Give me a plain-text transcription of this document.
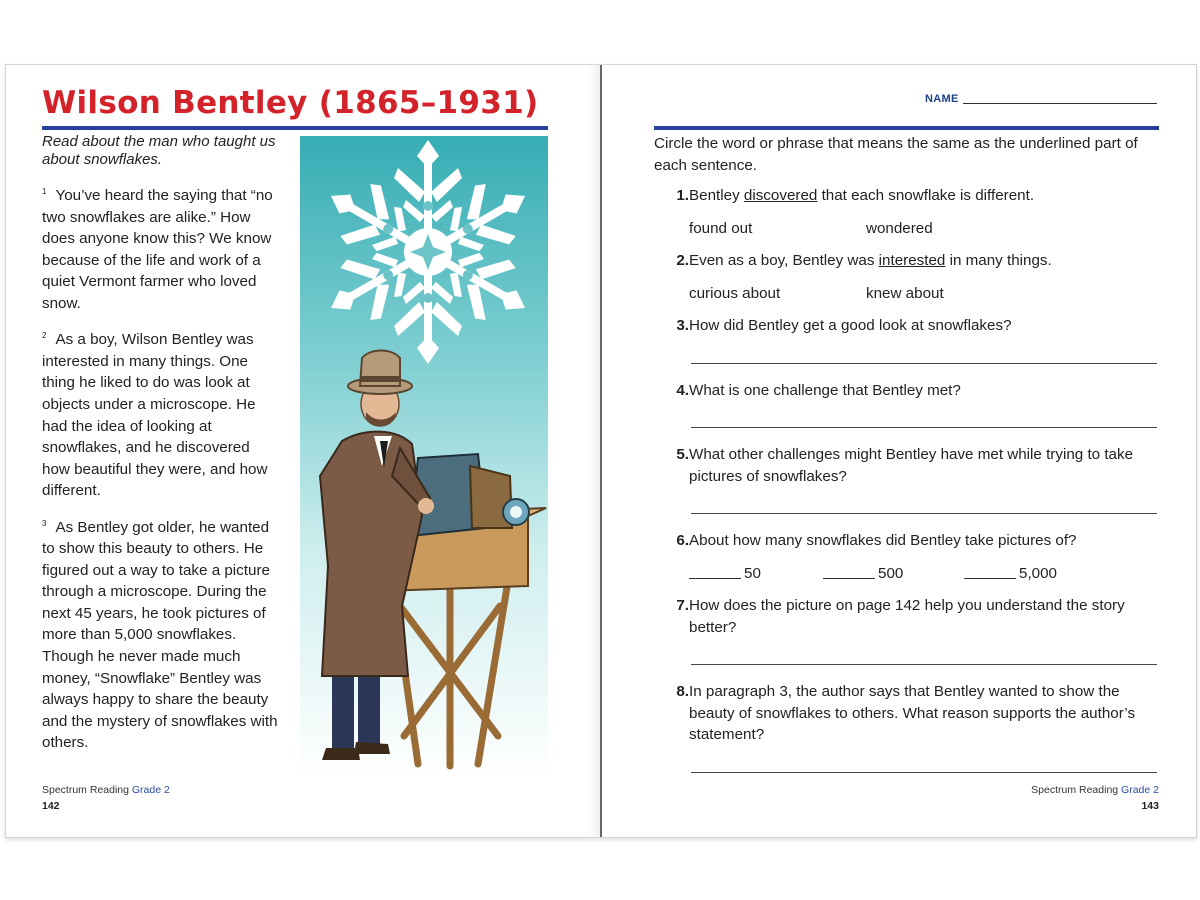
Wilson Bentley (1865–1931)

Read about the man who taught us about snowflakes.

$^1$ You’ve heard the saying that “no two snowflakes are alike.” How does anyone know this? We know because of the life and work of a quiet Vermont farmer who loved snow.

$^2$ As a boy, Wilson Bentley was interested in many things. One thing he liked to do was look at objects under a microscope. He had the idea of looking at snowflakes, and he discovered how beautiful they were, and how different.

$^3$ As Bentley got older, he wanted to show this beauty to others. He figured out a way to take a picture through a microscope. During the next 45 years, he took pictures of more than 5,000 snowflakes. Though he never made much money, “Snowflake” Bentley was always happy to share the beauty and the mystery of snowflakes with others.

Spectrum Reading Grade 2
142
NAME

Circle the word or phrase that means the same as the underlined part of each sentence.

1. Bentley discovered that each snowflake is different.
found out	wondered
2. Even as a boy, Bentley was interested in many things.
curious about	knew about
3. How did Bentley get a good look at snowflakes?
4. What is one challenge that Bentley met?
5. What other challenges might Bentley have met while trying to take pictures of snowflakes?
6. About how many snowflakes did Bentley take pictures of?
50	500	5,000
7. How does the picture on page 142 help you understand the story better?
8. In paragraph 3, the author says that Bentley wanted to show the beauty of snowflakes to others. What reason supports the author’s statement?
Spectrum Reading Grade 2
143
